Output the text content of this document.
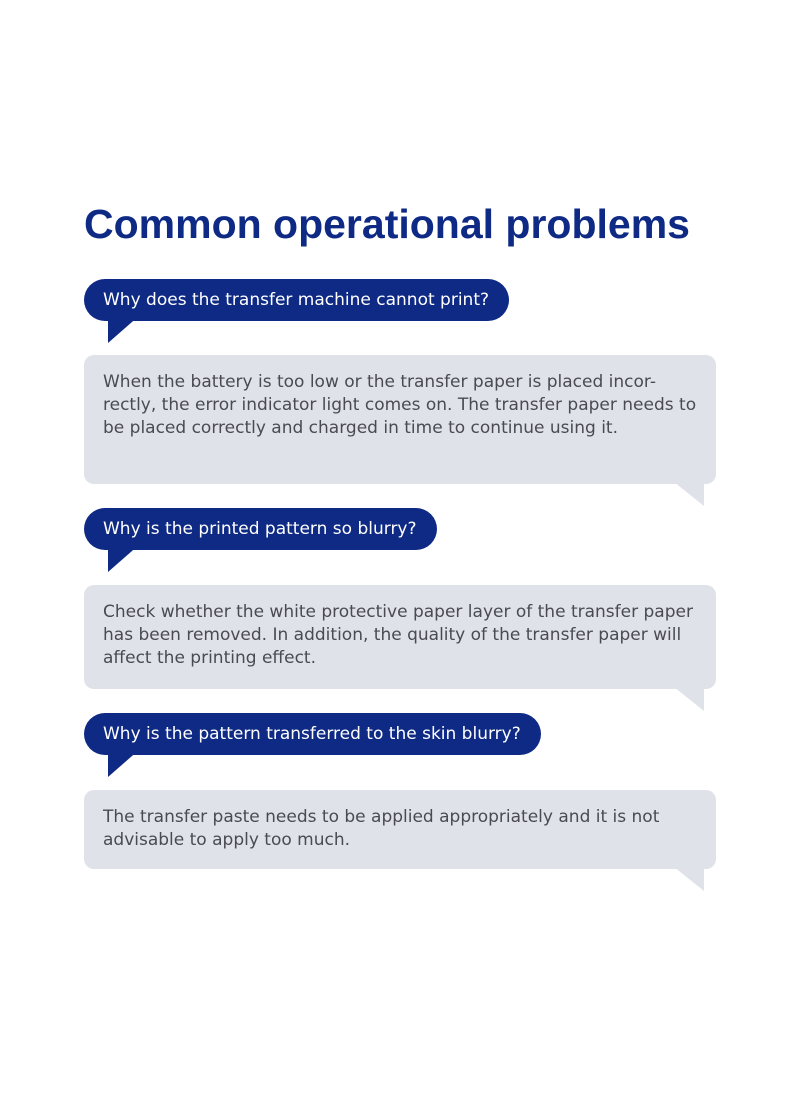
Common operational problems
Why does the transfer machine cannot print?

When the battery is too low or the transfer paper is placed incor-rectly, the error indicator light comes on. The transfer paper needs to be placed correctly and charged in time to continue using it.

Why is the printed pattern so blurry?

Check whether the white protective paper layer of the transfer paper has been removed. In addition, the quality of the transfer paper will affect the printing effect.

Why is the pattern transferred to the skin blurry?

The transfer paste needs to be applied appropriately and it is not advisable to apply too much.
